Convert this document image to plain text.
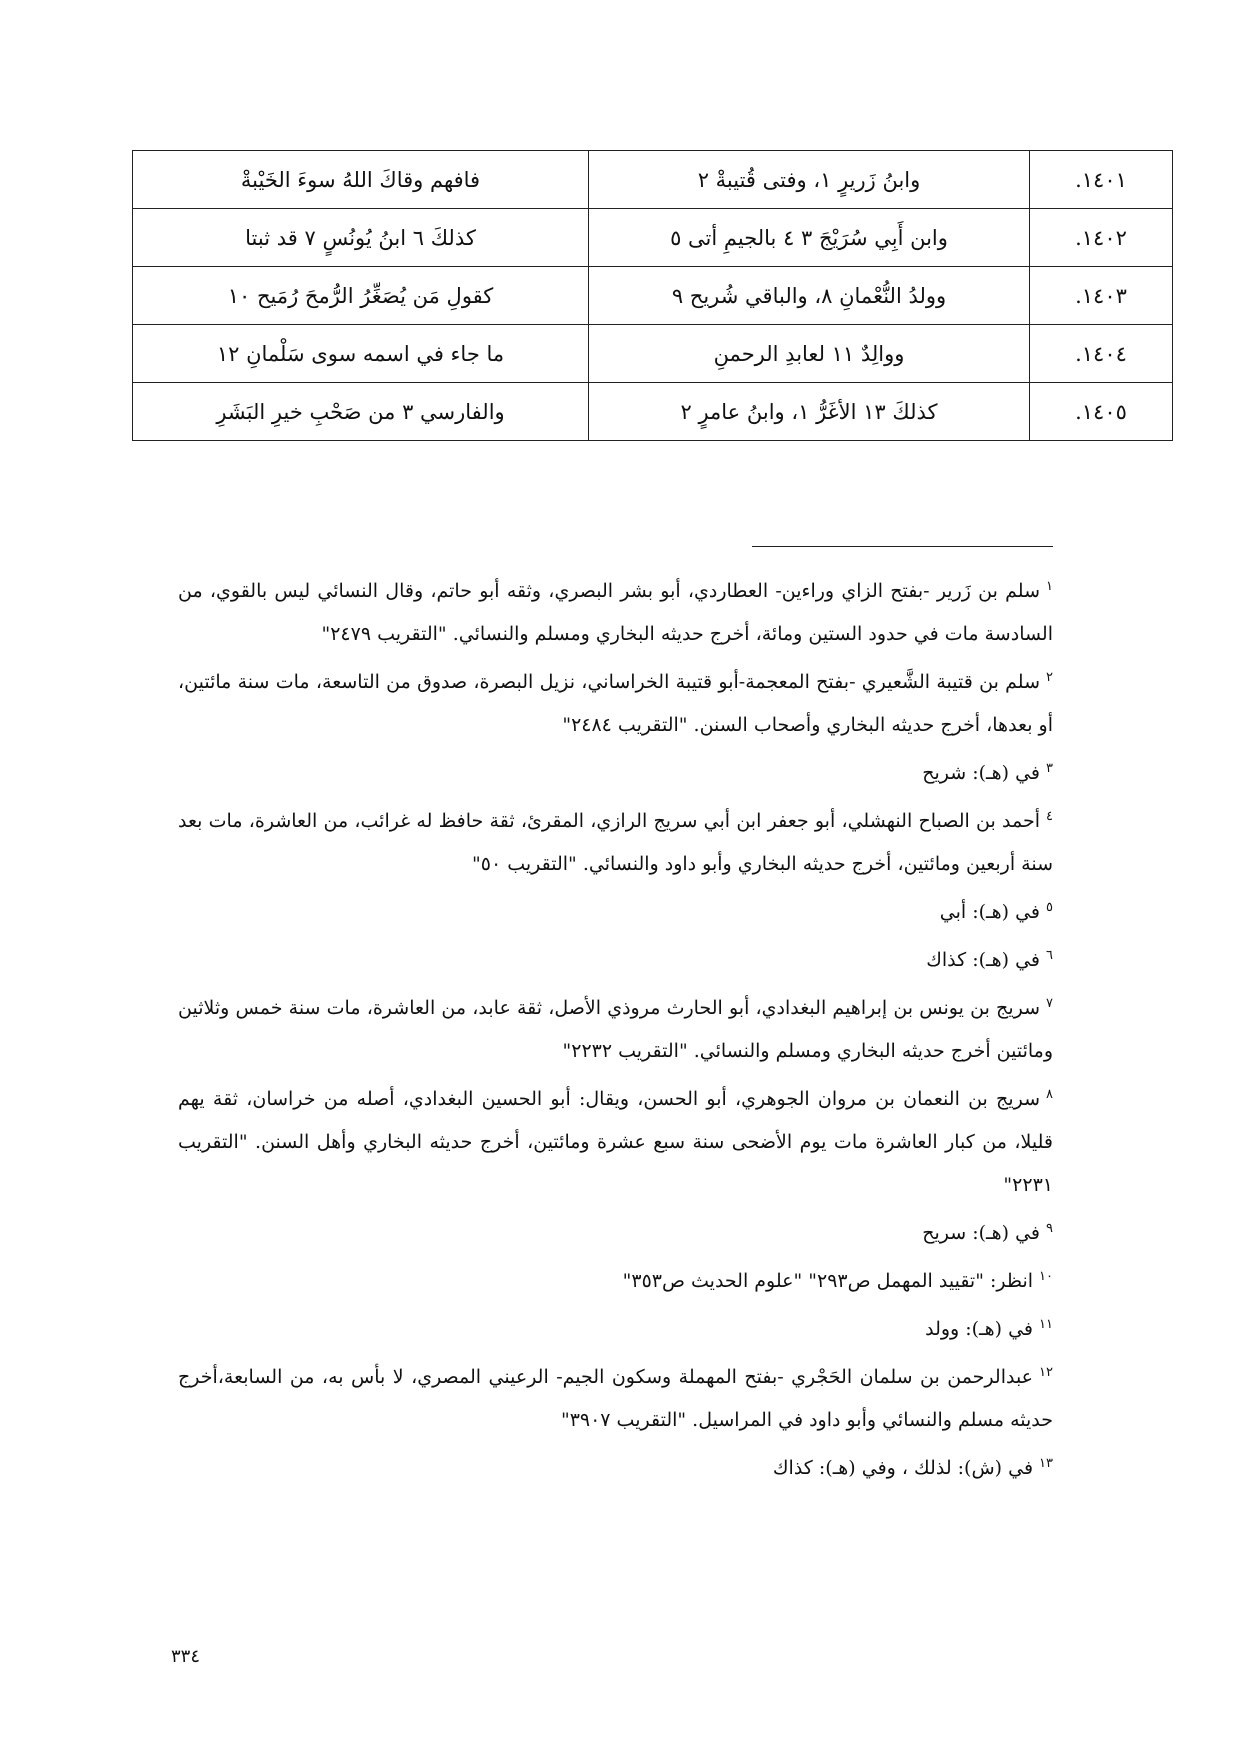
١٤٠١.	وابنُ زَريرٍ ١، وفتى قُتيبةْ ٢	فافهم وقاكَ اللهُ سوءَ الخَيْبةْ
١٤٠٢.	وابن أَبِي سُرَيْجَ ٣ ٤ بالجيمِ أتى ٥	كذلكَ ٦ ابنُ يُونُسٍ ٧ قد ثبتا
١٤٠٣.	وولدُ النُّعْمانِ ٨، والباقي شُريح ٩	كقولِ مَن يُصَغِّرُ الرُّمحَ رُمَيح ١٠
١٤٠٤.	ووالِدٌ ١١ لعابدِ الرحمنِ	ما جاء في اسمه سوى سَلْمانِ ١٢
١٤٠٥.	كذلكَ ١٣ الأغَرُّ ١، وابنُ عامرٍ ٢	والفارسي ٣ من صَحْبِ خيرِ البَشَرِ

$^١$سلم بن زَرير -بفتح الزاي وراءين- العطاردي، أبو بشر البصري، وثقه أبو حاتم، وقال النسائي ليس بالقوي، من السادسة مات في حدود الستين ومائة، أخرج حديثه البخاري ومسلم والنسائي. "التقريب ٢٤٧٩"

$^٢$سلم بن قتيبة الشَّعيري -بفتح المعجمة-أبو قتيبة الخراساني، نزيل البصرة، صدوق من التاسعة، مات سنة مائتين، أو بعدها، أخرج حديثه البخاري وأصحاب السنن. "التقريب ٢٤٨٤"

$^٣$في (هـ): شريح

$^٤$أحمد بن الصباح النهشلي، أبو جعفر ابن أبي سريج الرازي، المقرئ، ثقة حافظ له غرائب، من العاشرة، مات بعد سنة أربعين ومائتين، أخرج حديثه البخاري وأبو داود والنسائي. "التقريب ٥٠"

$^٥$في (هـ): أبي

$^٦$في (هـ): كذاك

$^٧$سريج بن يونس بن إبراهيم البغدادي، أبو الحارث مروذي الأصل، ثقة عابد، من العاشرة، مات سنة خمس وثلاثين ومائتين أخرج حديثه البخاري ومسلم والنسائي. "التقريب ٢٢٣٢"

$^٨$سريج بن النعمان بن مروان الجوهري، أبو الحسن، ويقال: أبو الحسين البغدادي، أصله من خراسان، ثقة يهم قليلا، من كبار العاشرة مات يوم الأضحى سنة سبع عشرة ومائتين، أخرج حديثه البخاري وأهل السنن. "التقريب ٢٢٣١"

$^٩$في (هـ): سريح

$^{١٠}$انظر: "تقييد المهمل ص٢٩٣" "علوم الحديث ص٣٥٣"

$^{١١}$في (هـ): وولد

$^{١٢}$عبدالرحمن بن سلمان الحَجْري -بفتح المهملة وسكون الجيم- الرعيني المصري، لا بأس به، من السابعة،أخرج حديثه مسلم والنسائي وأبو داود في المراسيل. "التقريب ٣٩٠٧"

$^{١٣}$في (ش): لذلك ، وفي (هـ): كذاك

٣٣٤
